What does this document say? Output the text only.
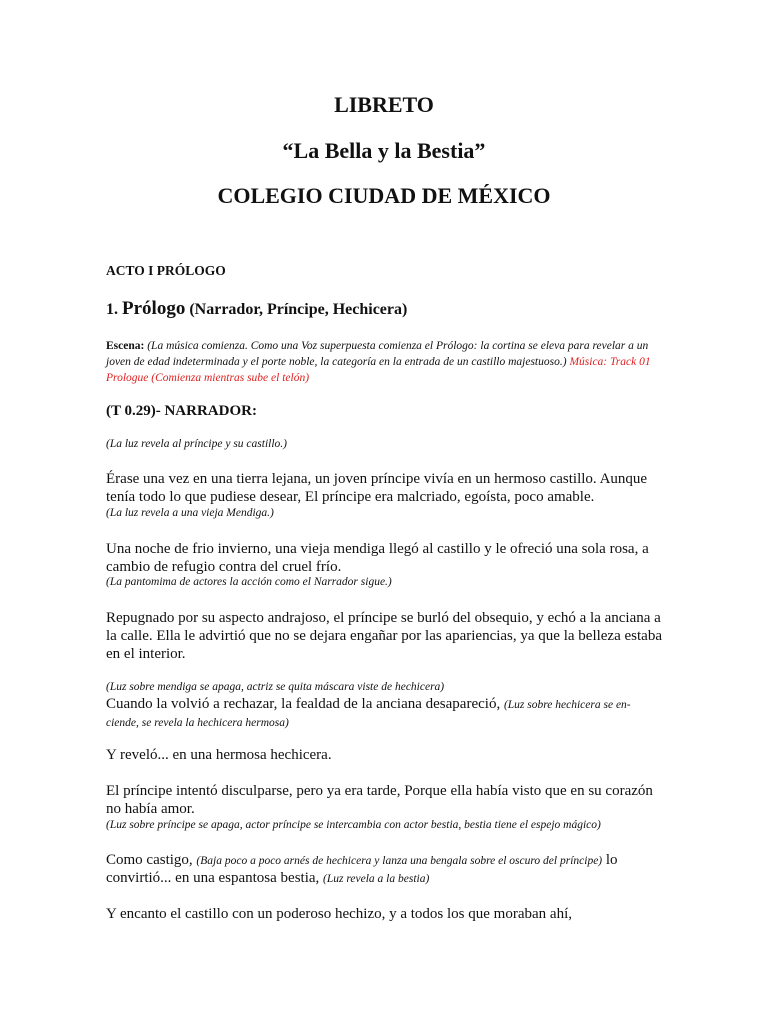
LIBRETO
“La Bella y la Bestia”
COLEGIO CIUDAD DE MÉXICO
ACTO I PRÓLOGO
1. Prólogo (Narrador, Príncipe, Hechicera)
Escena: (La música comienza. Como una Voz superpuesta comienza el Prólogo: la cortina se eleva para revelar a un joven de edad indeterminada y el porte noble, la categoría en la entrada de un castillo majestuoso.) Música: Track 01 Prologue (Comienza mientras sube el telón)
(T 0.29)- NARRADOR:
(La luz revela al príncipe y su castillo.)
Érase una vez en una tierra lejana, un joven príncipe vivía en un hermoso castillo. Aunque tenía todo lo que pudiese desear, El príncipe era malcriado, egoísta, poco amable.
(La luz revela a una vieja Mendiga.)
Una noche de frio invierno, una vieja mendiga llegó al castillo y le ofreció una sola rosa, a cambio de refugio contra del cruel frío.
(La pantomima de actores la acción como el Narrador sigue.)
Repugnado por su aspecto andrajoso, el príncipe se burló del obsequio, y echó a la anciana a la calle. Ella le advirtió que no se dejara engañar por las apariencias, ya que la belleza estaba en el interior.
(Luz sobre mendiga se apaga, actriz se quita máscara viste de hechicera)
Cuando la volvió a rechazar, la fealdad de la anciana desapareció, (Luz sobre hechicera se en-ciende, se revela la hechicera hermosa)
Y reveló... en una hermosa hechicera.
El príncipe intentó disculparse, pero ya era tarde, Porque ella había visto que en su corazón no había amor.
(Luz sobre príncipe se apaga, actor príncipe se intercambia con actor bestia, bestia tiene el espejo mágico)
Como castigo, (Baja poco a poco arnés de hechicera y lanza una bengala sobre el oscuro del príncipe) lo convirtió... en una espantosa bestia, (Luz revela a la bestia)
Y encanto el castillo con un poderoso hechizo, y a todos los que moraban ahí,
